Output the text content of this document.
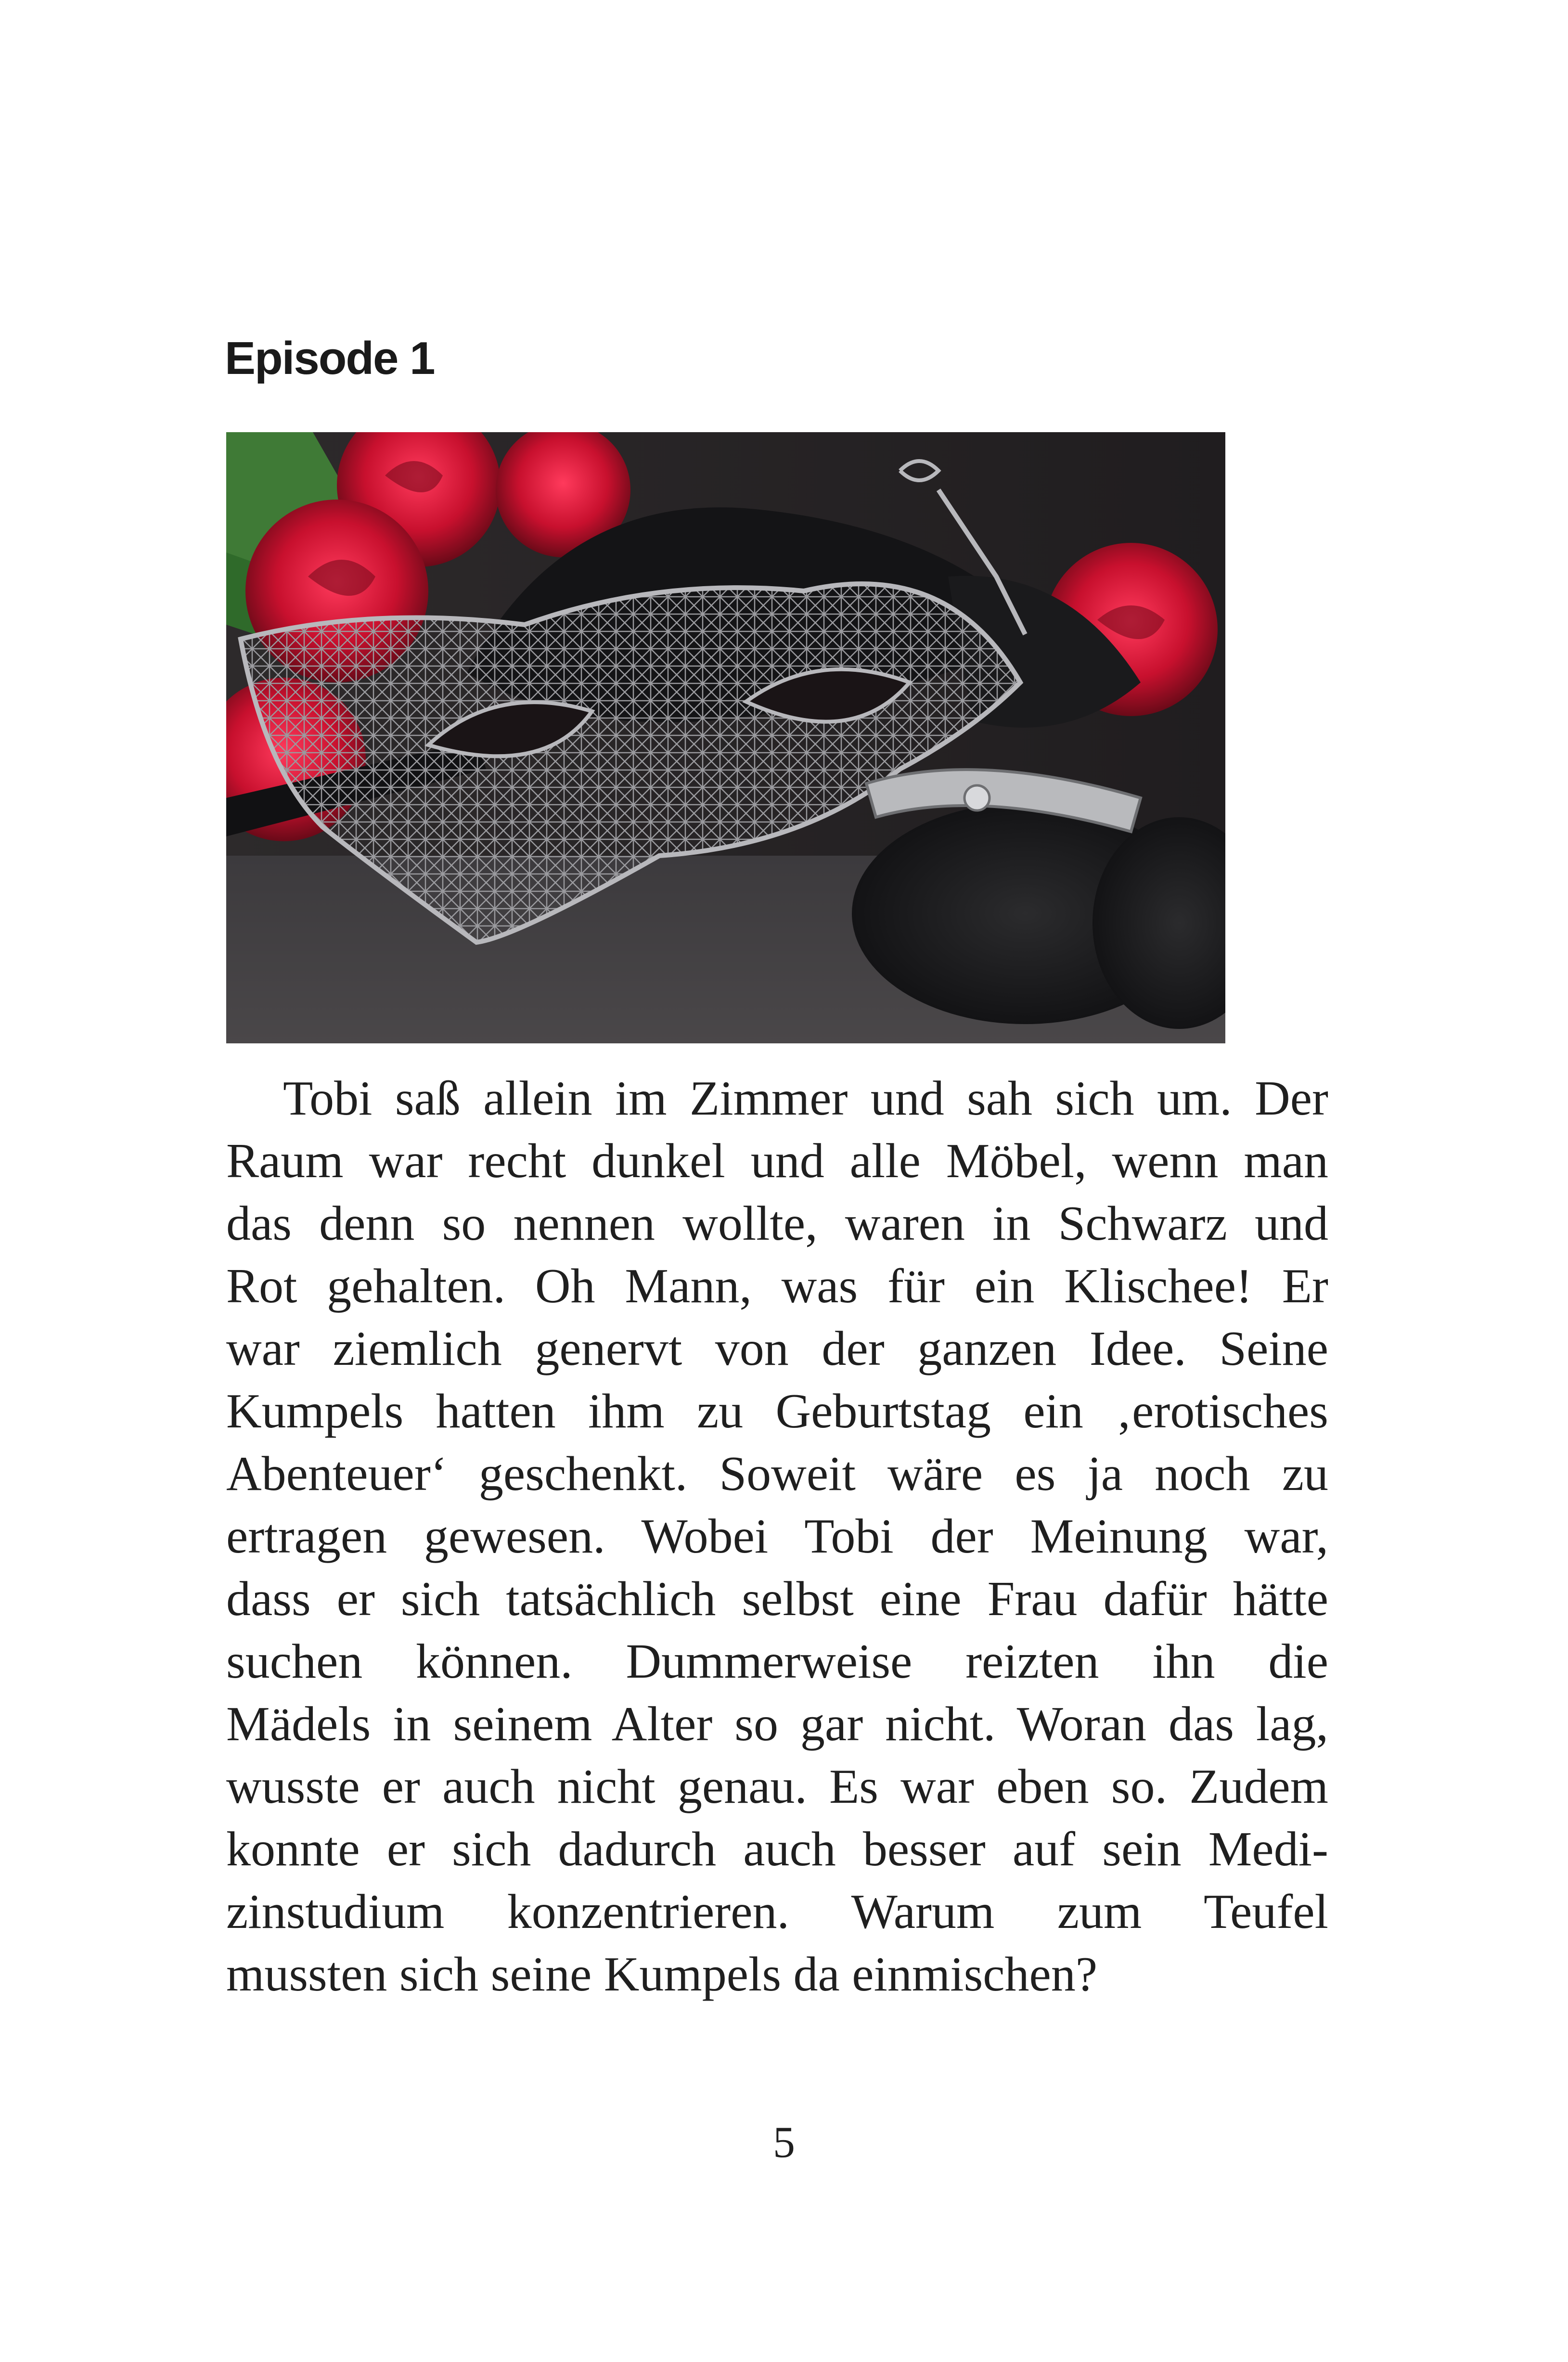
Episode 1
Tobi saß allein im Zimmer und sah sich um. Der
Raum war recht dunkel und alle Möbel, wenn man
das denn so nennen wollte, waren in Schwarz und
Rot gehalten. Oh Mann, was für ein Klischee! Er
war ziemlich genervt von der ganzen Idee. Seine
Kumpels hatten ihm zu Geburtstag ein ‚erotisches
Abenteuer‘ geschenkt. Soweit wäre es ja noch zu
ertragen gewesen. Wobei Tobi der Meinung war,
dass er sich tatsächlich selbst eine Frau dafür hätte
suchen können. Dummerweise reizten ihn die
Mädels in seinem Alter so gar nicht. Woran das lag,
wusste er auch nicht genau. Es war eben so. Zudem
konnte er sich dadurch auch besser auf sein Medi-
zinstudium konzentrieren. Warum zum Teufel
mussten sich seine Kumpels da einmischen?
5
